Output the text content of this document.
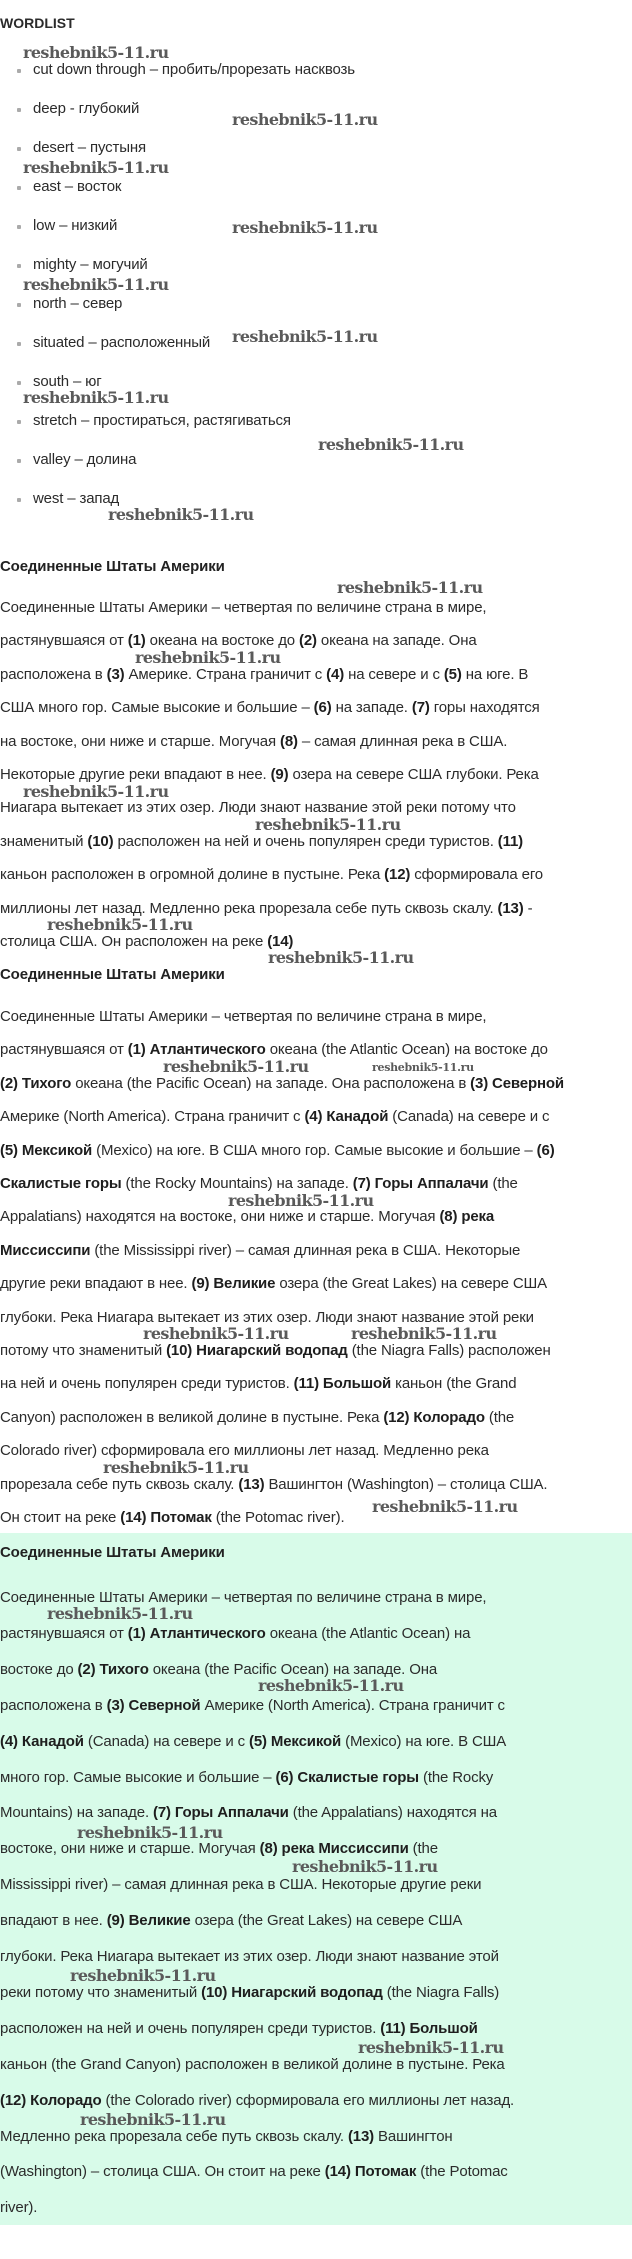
WORDLIST
cut down through – пробить/прорезать насквозь
deep - глубокий
desert – пустыня
east – восток
low – низкий
mighty – могучий
north – север
situated – расположенный
south – юг
stretch – простираться, растягиваться
valley – долина
west – запад
Соединенные Штаты Америки
Соединенные Штаты Америки – четвертая по величине страна в мире,
растянувшаяся от (1) океана на востоке до (2) океана на западе. Она
расположена в (3) Америке. Страна граничит с (4) на севере и с (5) на юге. В
США много гор. Самые высокие и большие – (6) на западе. (7) горы находятся
на востоке, они ниже и старше. Могучая (8) – самая длинная река в США.
Некоторые другие реки впадают в нее. (9) озера на севере США глубоки. Река
Ниагара вытекает из этих озер. Люди знают название этой реки потому что
знаменитый (10) расположен на ней и очень популярен среди туристов. (11)
каньон расположен в огромной долине в пустыне. Река (12) сформировала его
миллионы лет назад. Медленно река прорезала себе путь сквозь скалу. (13) -
столица США. Он расположен на реке (14)
Соединенные Штаты Америки
Соединенные Штаты Америки – четвертая по величине страна в мире,
растянувшаяся от (1) Атлантического океана (the Atlantic Ocean) на востоке до
(2) Тихого океана (the Pacific Ocean) на западе. Она расположена в (3) Северной
Америке (North America). Страна граничит с (4) Канадой (Canada) на севере и с
(5) Мексикой (Mexico) на юге. В США много гор. Самые высокие и большие – (6)
Скалистые горы (the Rocky Mountains) на западе. (7) Горы Аппалачи (the
Appalatians) находятся на востоке, они ниже и старше. Могучая (8) река
Миссиссипи (the Mississippi river) – самая длинная река в США. Некоторые
другие реки впадают в нее. (9) Великие озера (the Great Lakes) на севере США
глубоки. Река Ниагара вытекает из этих озер. Люди знают название этой реки
потому что знаменитый (10) Ниагарский водопад (the Niagra Falls) расположен
на ней и очень популярен среди туристов. (11) Большой каньон (the Grand
Canyon) расположен в великой долине в пустыне. Река (12) Колорадо (the
Colorado river) сформировала его миллионы лет назад. Медленно река
прорезала себе путь сквозь скалу. (13) Вашингтон (Washington) – столица США.
Он стоит на реке (14) Потомак (the Potomac river).
Соединенные Штаты Америки
Соединенные Штаты Америки – четвертая по величине страна в мире,
растянувшаяся от (1) Атлантического океана (the Atlantic Ocean) на
востоке до (2) Тихого океана (the Pacific Ocean) на западе. Она
расположена в (3) Северной Америке (North America). Страна граничит с
(4) Канадой (Canada) на севере и с (5) Мексикой (Mexico) на юге. В США
много гор. Самые высокие и большие – (6) Скалистые горы (the Rocky
Mountains) на западе. (7) Горы Аппалачи (the Appalatians) находятся на
востоке, они ниже и старше. Могучая (8) река Миссиссипи (the
Mississippi river) – самая длинная река в США. Некоторые другие реки
впадают в нее. (9) Великие озера (the Great Lakes) на севере США
глубоки. Река Ниагара вытекает из этих озер. Люди знают название этой
реки потому что знаменитый (10) Ниагарский водопад (the Niagra Falls)
расположен на ней и очень популярен среди туристов. (11) Большой
каньон (the Grand Canyon) расположен в великой долине в пустыне. Река
(12) Колорадо (the Colorado river) сформировала его миллионы лет назад.
Медленно река прорезала себе путь сквозь скалу. (13) Вашингтон
(Washington) – столица США. Он стоит на реке (14) Потомак (the Potomac
river).
reshebnik5-11.ru
reshebnik5-11.ru
reshebnik5-11.ru
reshebnik5-11.ru
reshebnik5-11.ru
reshebnik5-11.ru
reshebnik5-11.ru
reshebnik5-11.ru
reshebnik5-11.ru
reshebnik5-11.ru
reshebnik5-11.ru
reshebnik5-11.ru
reshebnik5-11.ru
reshebnik5-11.ru
reshebnik5-11.ru
reshebnik5-11.ru	reshebnik5-11.ru
reshebnik5-11.ru
reshebnik5-11.ru	reshebnik5-11.ru
reshebnik5-11.ru
reshebnik5-11.ru
reshebnik5-11.ru
reshebnik5-11.ru
reshebnik5-11.ru
reshebnik5-11.ru
reshebnik5-11.ru
reshebnik5-11.ru
reshebnik5-11.ru
